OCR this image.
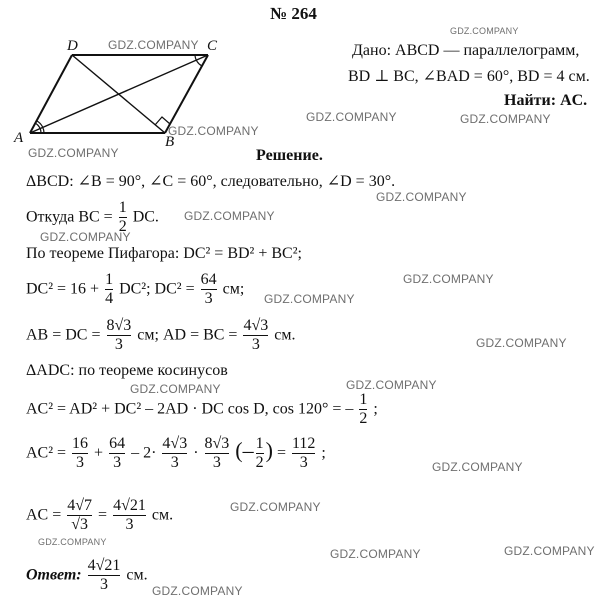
№ 264
A	B
C
D	Дано: ABCD — параллелограмм,
BD ⊥ BC, ∠BAD = 60°, BD = 4 см.
Найти: AC.
Решение.
ΔBCD: ∠B = 90°, ∠C = 60°, следовательно, ∠D = 30°.
Откуда BC = $\frac{1}{2}$ DC.
По теореме Пифагора: DC² = BD² + BC²;
$DC^2 = 16 + \frac{1}{4} DC^2$; $DC^2 = \frac{64}{3}$ см;
AB = DC = $\frac{8√3}{3}$ см; AD = BC = $\frac{4√3}{3}$ см.
ΔADC: по теореме косинусов
AC² = AD² + DC² – 2AD · DC cos D, cos 120° = – $\frac{1}{2}$ ;
$AC^2 = \frac{16}{3} + \frac{64}{3} - 2\cdot \frac{4√3}{3} \cdot \frac{8√3}{3}$ (– $\frac{1}{2}$ ) = $\frac{112}{3}$ ;
AC = $\frac{4√7}{√3} = \frac{4√21}{3}$ см.
Ответ: $\frac{4√21}{3}$ см.
GDZ.COMPANY
GDZ.COMPANY
GDZ.COMPANY
GDZ.COMPANY
GDZ.COMPANY
GDZ.COMPANY
GDZ.COMPANY
GDZ.COMPANY
GDZ.COMPANY
GDZ.COMPANY
GDZ.COMPANY
GDZ.COMPANY
GDZ.COMPANY	GDZ.COMPANY
GDZ.COMPANY
GDZ.COMPANY
GDZ.COMPANY
GDZ.COMPANY	GDZ.COMPANY
GDZ.COMPANY
